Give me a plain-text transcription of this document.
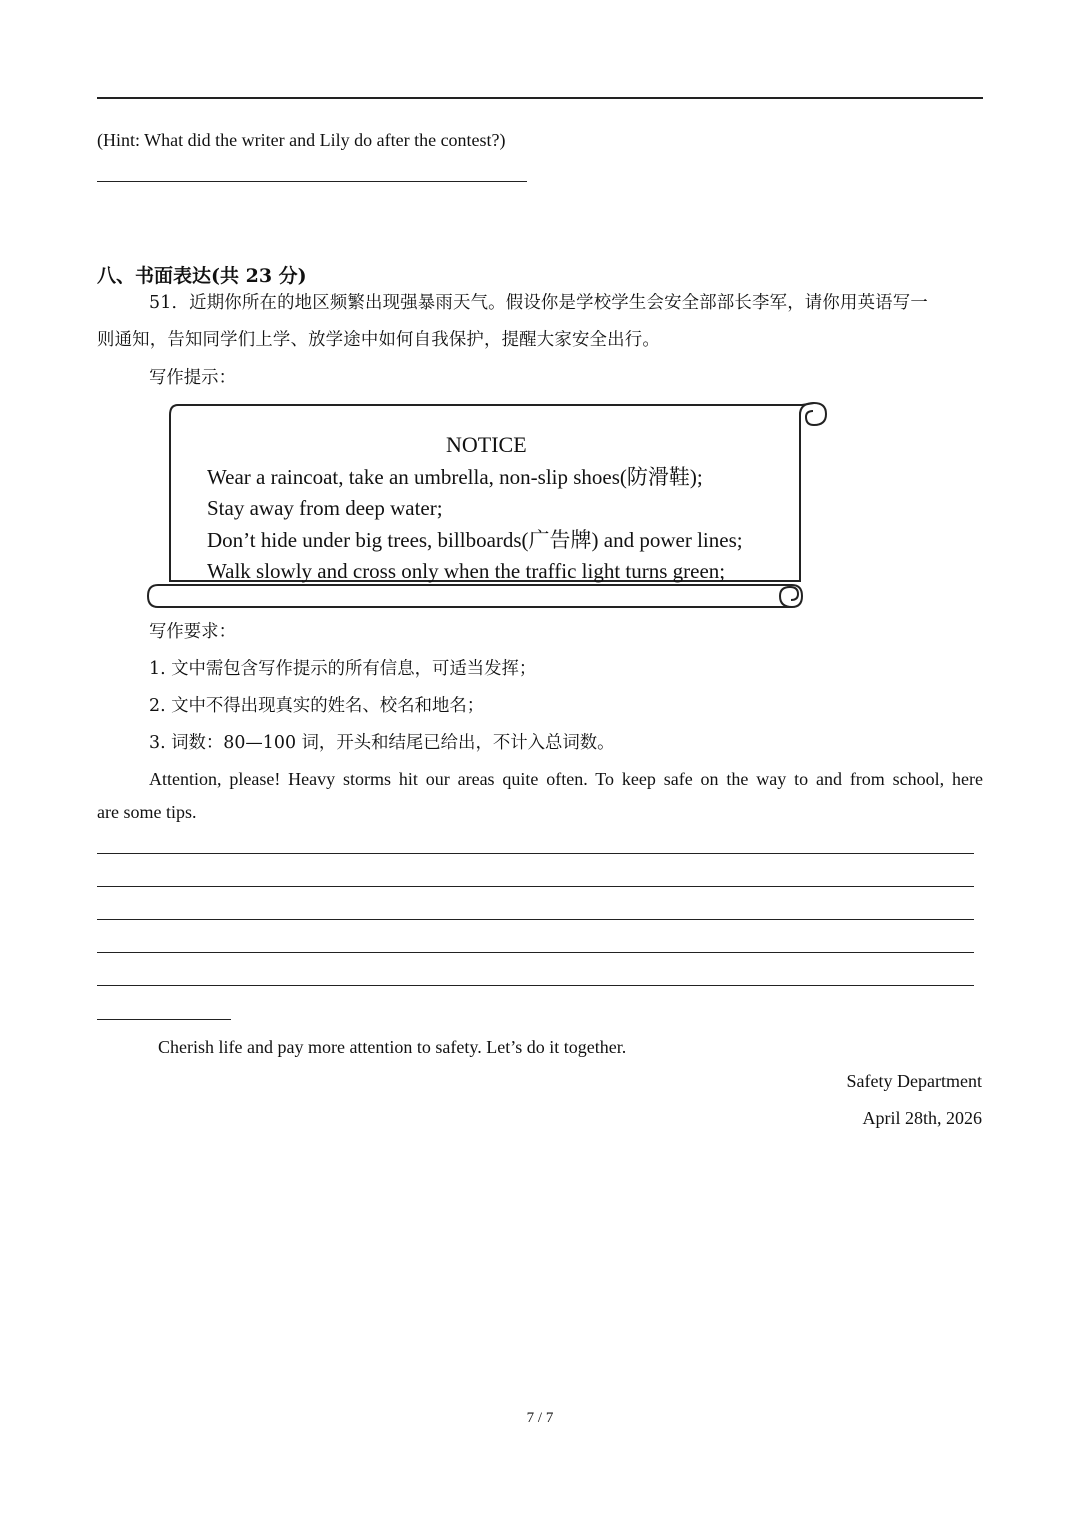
(Hint: What did the writer and Lily do after the contest?)
八、书面表达(共 23 分)
51．近期你所在的地区频繁出现强暴雨天气。假设你是学校学生会安全部部长李军，请你用英语写一
则通知，告知同学们上学、放学途中如何自我保护，提醒大家安全出行。
写作提示：
NOTICE
Wear a raincoat, take an umbrella, non-slip shoes(防滑鞋);
Stay away from deep water;
Don’t hide under big trees, billboards(广告牌) and power lines;
Walk slowly and cross only when the traffic light turns green;
写作要求：
1. 文中需包含写作提示的所有信息，可适当发挥；
2. 文中不得出现真实的姓名、校名和地名；
3. 词数：80—100 词，开头和结尾已给出，不计入总词数。
Attention, please! Heavy storms hit our areas quite often. To keep safe on the way to and from school, here
are some tips.
Cherish life and pay more attention to safety. Let’s do it together.
Safety Department
April 28th, 2026
7 / 7
